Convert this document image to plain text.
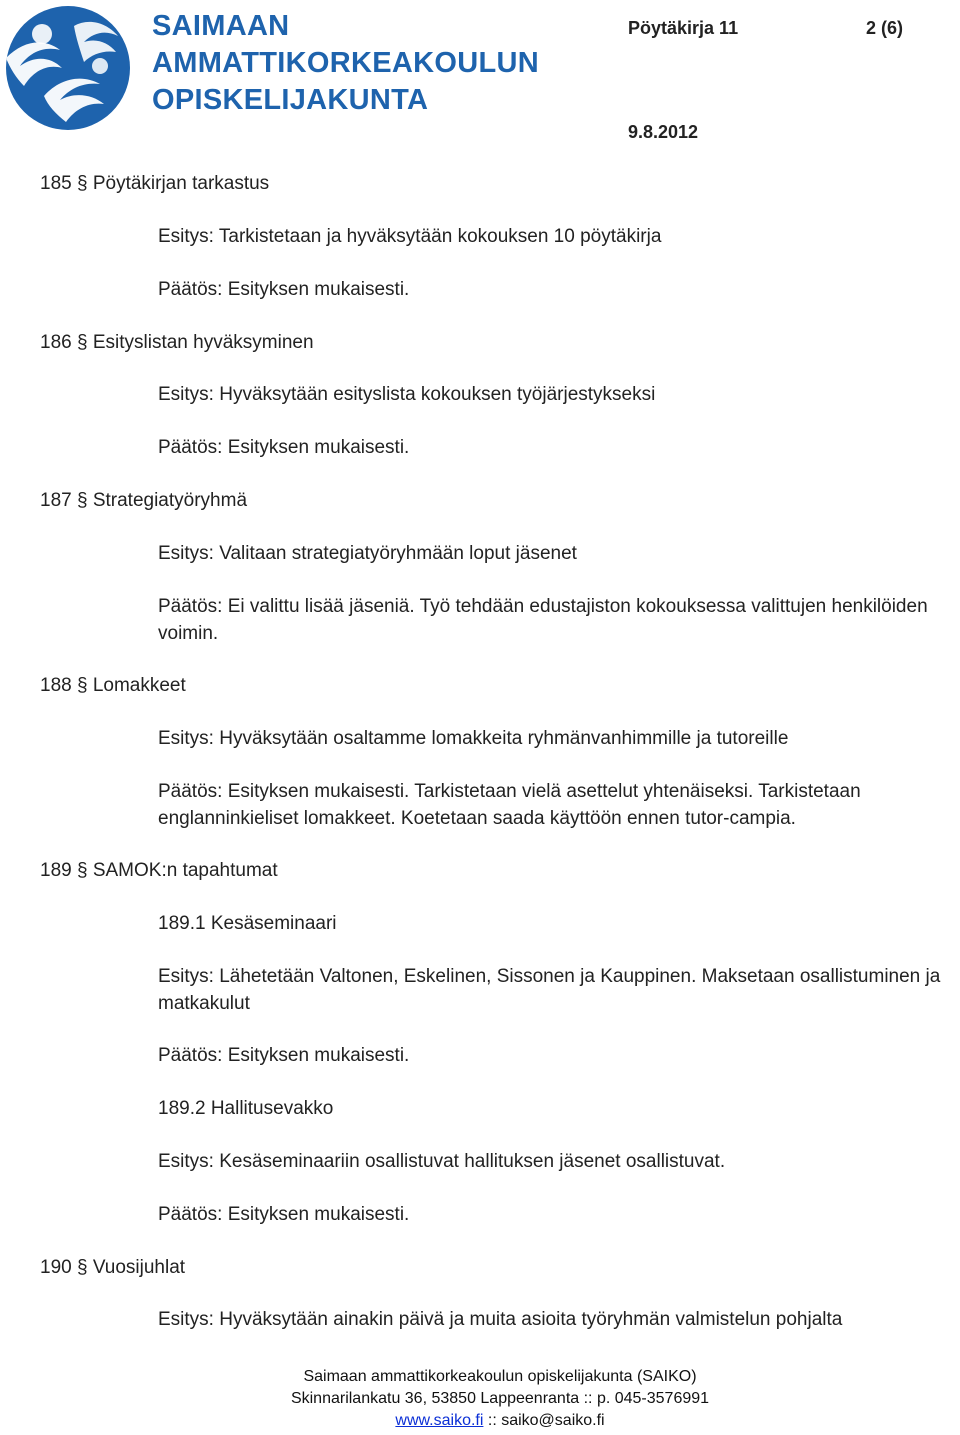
SAIMAAN
AMMATTIKORKEAKOULUN
OPISKELIJAKUNTA
Pöytäkirja 11	2 (6)
9.8.2012
185 § Pöytäkirjan tarkastus
Esitys: Tarkistetaan ja hyväksytään kokouksen 10 pöytäkirja
Päätös: Esityksen mukaisesti.
186 § Esityslistan hyväksyminen
Esitys: Hyväksytään esityslista kokouksen työjärjestykseksi
Päätös: Esityksen mukaisesti.
187 § Strategiatyöryhmä
Esitys: Valitaan strategiatyöryhmään loput jäsenet
Päätös: Ei valittu lisää jäseniä. Työ tehdään edustajiston kokouksessa valittujen henkilöiden voimin.
188 § Lomakkeet
Esitys: Hyväksytään osaltamme lomakkeita ryhmänvanhimmille ja tutoreille
Päätös: Esityksen mukaisesti. Tarkistetaan vielä asettelut yhtenäiseksi. Tarkistetaan englanninkieliset lomakkeet. Koetetaan saada käyttöön ennen tutor-campia.
189 § SAMOK:n tapahtumat
189.1 Kesäseminaari
Esitys: Lähetetään Valtonen, Eskelinen, Sissonen ja Kauppinen. Maksetaan osallistuminen ja matkakulut
Päätös: Esityksen mukaisesti.
189.2 Hallitusevakko
Esitys: Kesäseminaariin osallistuvat hallituksen jäsenet osallistuvat.
Päätös: Esityksen mukaisesti.
190 § Vuosijuhlat
Esitys: Hyväksytään ainakin päivä ja muita asioita työryhmän valmistelun pohjalta
Saimaan ammattikorkeakoulun opiskelijakunta (SAIKO)
Skinnarilankatu 36, 53850 Lappeenranta :: p. 045-3576991
www.saiko.fi :: saiko@saiko.fi
